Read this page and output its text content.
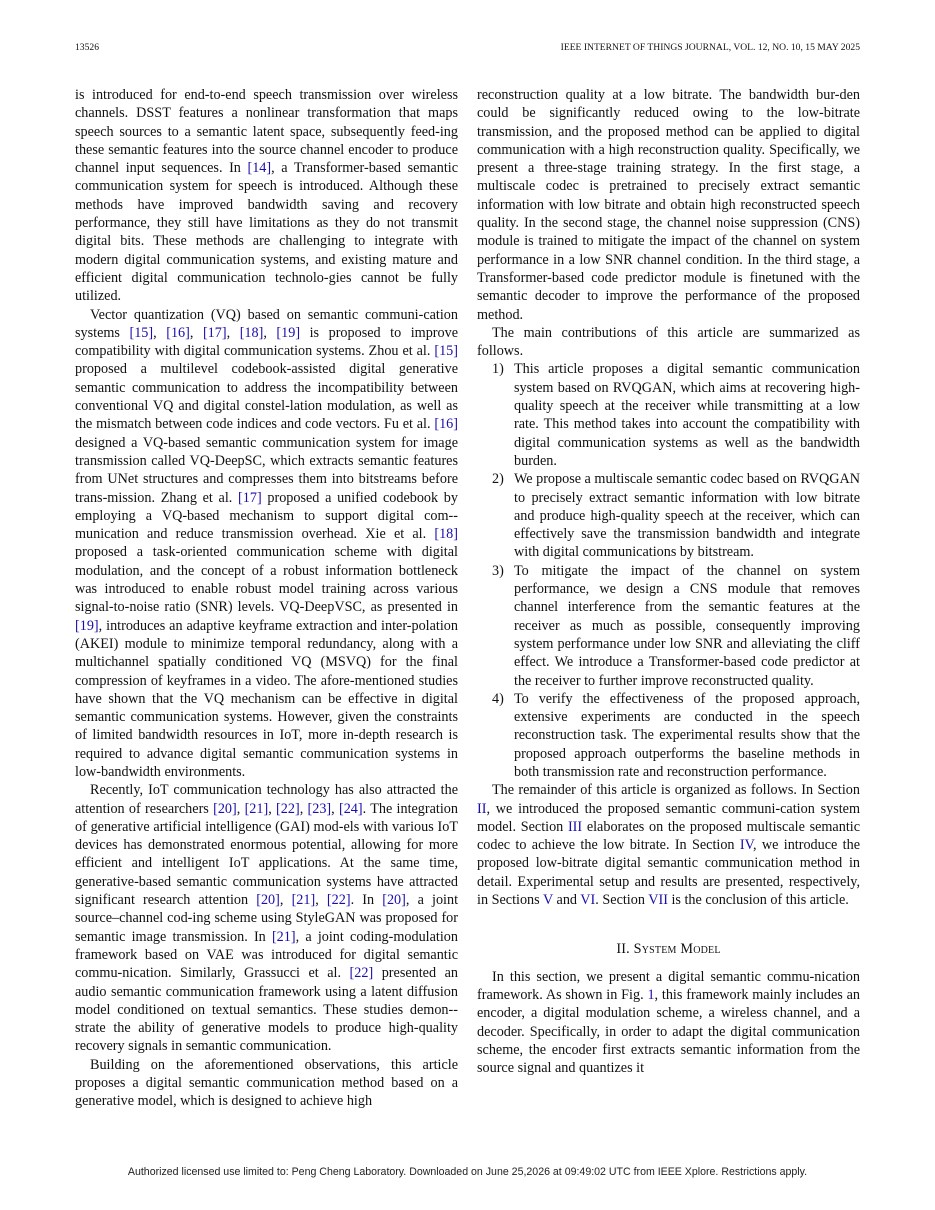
13526	IEEE INTERNET OF THINGS JOURNAL, VOL. 12, NO. 10, 15 MAY 2025

is introduced for end-to-end speech transmission over wireless channels. DSST features a nonlinear transformation that maps speech sources to a semantic latent space, subsequently feed-ing these semantic features into the source channel encoder to produce channel input sequences. In [14], a Transformer-based semantic communication system for speech is introduced. Although these methods have improved bandwidth saving and recovery performance, they still have limitations as they do not transmit digital bits. These methods are challenging to integrate with modern digital communication systems, and existing mature and efficient digital communication technolo-gies cannot be fully utilized.

Vector quantization (VQ) based on semantic communi-cation systems [15], [16], [17], [18], [19] is proposed to improve compatibility with digital communication systems. Zhou et al. [15] proposed a multilevel codebook-assisted digital generative semantic communication to address the incompatibility between conventional VQ and digital constel-lation modulation, as well as the mismatch between code indices and code vectors. Fu et al. [16] designed a VQ-based semantic communication system for image transmission called VQ-DeepSC, which extracts semantic features from UNet structures and compresses them into bitstreams before trans-mission. Zhang et al. [17] proposed a unified codebook by employing a VQ-based mechanism to support digital com-munication and reduce transmission overhead. Xie et al. [18] proposed a task-oriented communication scheme with digital modulation, and the concept of a robust information bottleneck was introduced to enable robust model training across various signal-to-noise ratio (SNR) levels. VQ-DeepVSC, as presented in [19], introduces an adaptive keyframe extraction and inter-polation (AKEI) module to minimize temporal redundancy, along with a multichannel spatially conditioned VQ (MSVQ) for the final compression of keyframes in a video. The afore-mentioned studies have shown that the VQ mechanism can be effective in digital semantic communication systems. However, given the constraints of limited bandwidth resources in IoT, more in-depth research is required to advance digital semantic communication systems in low-bandwidth environments.

Recently, IoT communication technology has also attracted the attention of researchers [20], [21], [22], [23], [24]. The integration of generative artificial intelligence (GAI) mod-els with various IoT devices has demonstrated enormous potential, allowing for more efficient and intelligent IoT applications. At the same time, generative-based semantic communication systems have attracted significant research attention [20], [21], [22]. In [20], a joint source–channel cod-ing scheme using StyleGAN was proposed for semantic image transmission. In [21], a joint coding-modulation framework based on VAE was introduced for digital semantic commu-nication. Similarly, Grassucci et al. [22] presented an audio semantic communication framework using a latent diffusion model conditioned on textual semantics. These studies demon-strate the ability of generative models to produce high-quality recovery signals in semantic communication.

Building on the aforementioned observations, this article proposes a digital semantic communication method based on a generative model, which is designed to achieve high

reconstruction quality at a low bitrate. The bandwidth bur-den could be significantly reduced owing to the low-bitrate transmission, and the proposed method can be applied to digital communication with a high reconstruction quality. Specifically, we present a three-stage training strategy. In the first stage, a multiscale codec is pretrained to precisely extract semantic information with low bitrate and obtain high reconstructed speech quality. In the second stage, the channel noise suppression (CNS) module is trained to mitigate the impact of the channel on system performance in a low SNR channel condition. In the third stage, a Transformer-based code predictor module is finetuned with the semantic decoder to improve the performance of the proposed method.

The main contributions of this article are summarized as follows.

1) This article proposes a digital semantic communication system based on RVQGAN, which aims at recovering high-quality speech at the receiver while transmitting at a low rate. This method takes into account the compatibility with digital communication systems as well as the bandwidth burden.
2) We propose a multiscale semantic codec based on RVQGAN to precisely extract semantic information with low bitrate and produce high-quality speech at the receiver, which can effectively save the transmission bandwidth and integrate with digital communications by bitstream.
3) To mitigate the impact of the channel on system performance, we design a CNS module that removes channel interference from the semantic features at the receiver as much as possible, consequently improving system performance under low SNR and alleviating the cliff effect. We introduce a Transformer-based code predictor at the receiver to further improve reconstructed quality.
4) To verify the effectiveness of the proposed approach, extensive experiments are conducted in the speech reconstruction task. The experimental results show that the proposed approach outperforms the baseline methods in both transmission rate and reconstruction performance.

The remainder of this article is organized as follows. In Section II, we introduced the proposed semantic communi-cation system model. Section III elaborates on the proposed multiscale semantic codec to achieve the low bitrate. In Section IV, we introduce the proposed low-bitrate digital semantic communication method in detail. Experimental setup and results are presented, respectively, in Sections V and VI. Section VII is the conclusion of this article.

II. System Model

In this section, we present a digital semantic commu-nication framework. As shown in Fig. 1, this framework mainly includes an encoder, a digital modulation scheme, a wireless channel, and a decoder. Specifically, in order to adapt the digital communication scheme, the encoder first extracts semantic information from the source signal and quantizes it

Authorized licensed use limited to: Peng Cheng Laboratory. Downloaded on June 25,2026 at 09:49:02 UTC from IEEE Xplore. Restrictions apply.
